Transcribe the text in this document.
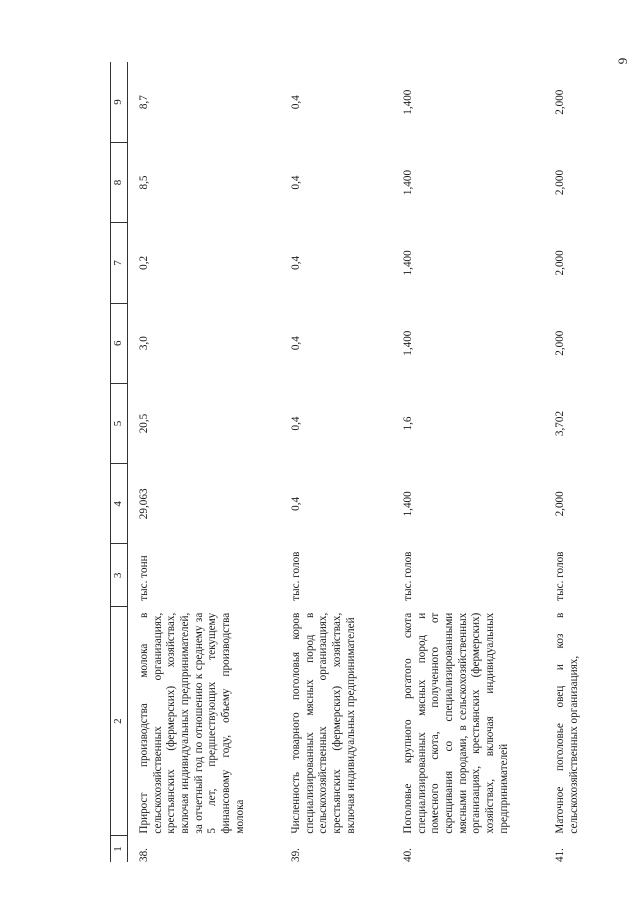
9
1	2	3	4	5	6	7	8	9
38.	Прирост производства молока в сельскохозяйственных организациях, крестьянских (фермерских) хозяйствах, включая индивидуальных предпринимателей, за отчетный год по отношению к среднему за 5 лет, предшествующих текущему финансовому году, объему производства молока	тыс. тонн	29,063	20,5	3,0	0,2	8,5	8,7
39.	Численность товарного поголовья коров специализированных мясных пород в сельскохозяйственных организациях, крестьянских (фермерских) хозяйствах, включая индивидуальных предпринимателей	тыс. голов	0,4	0,4	0,4	0,4	0,4	0,4
40.	Поголовье крупного рогатого скота специализированных мясных пород и помесного скота, полученного от скрещивания со специализированными мясными породами, в сельскохозяйственных организациях, крестьянских (фермерских) хозяйствах, включая индивидуальных предпринимателей	тыс. голов	1,400	1,6	1,400	1,400	1,400	1,400
41.	Маточное поголовье овец и коз в сельскохозяйственных организациях,	тыс. голов	2,000	3,702	2,000	2,000	2,000	2,000
